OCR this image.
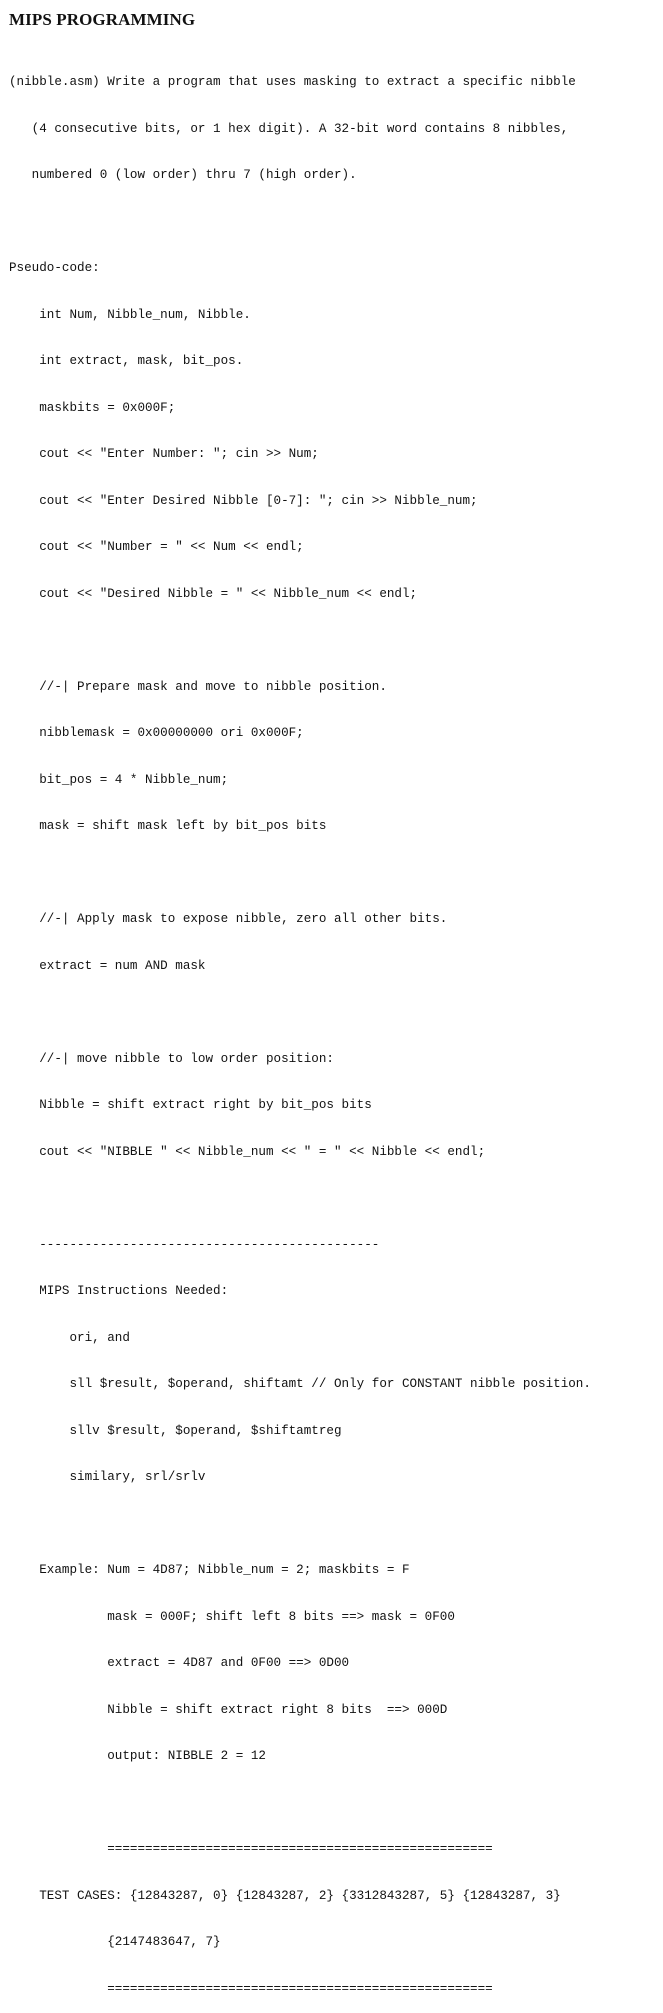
MIPS PROGRAMMING

(nibble.asm) Write a program that uses masking to extract a specific nibble

(4 consecutive bits, or 1 hex digit). A 32-bit word contains 8 nibbles,

numbered 0 (low order) thru 7 (high order).

Pseudo-code:

int Num, Nibble_num, Nibble.

int extract, mask, bit_pos.

maskbits = 0x000F;

cout << "Enter Number: "; cin >> Num;

cout << "Enter Desired Nibble [0-7]: "; cin >> Nibble_num;

cout << "Number = " << Num << endl;

cout << "Desired Nibble = " << Nibble_num << endl;

//-| Prepare mask and move to nibble position.

nibblemask = 0x00000000 ori 0x000F;

bit_pos = 4 * Nibble_num;

mask = shift mask left by bit_pos bits

//-| Apply mask to expose nibble, zero all other bits.

extract = num AND mask

//-| move nibble to low order position:

Nibble = shift extract right by bit_pos bits

cout << "NIBBLE " << Nibble_num << " = " << Nibble << endl;

---------------------------------------------

MIPS Instructions Needed:

ori, and

sll $result, $operand, shiftamt // Only for CONSTANT nibble position.

sllv $result, $operand, $shiftamtreg

similary, srl/srlv

Example: Num = 4D87; Nibble_num = 2; maskbits = F

mask = 000F; shift left 8 bits ==> mask = 0F00

extract = 4D87 and 0F00 ==> 0D00

Nibble = shift extract right 8 bits  ==> 000D

output: NIBBLE 2 = 12

===================================================

TEST CASES: {12843287, 0} {12843287, 2} {3312843287, 5} {12843287, 3}

{2147483647, 7}

===================================================
